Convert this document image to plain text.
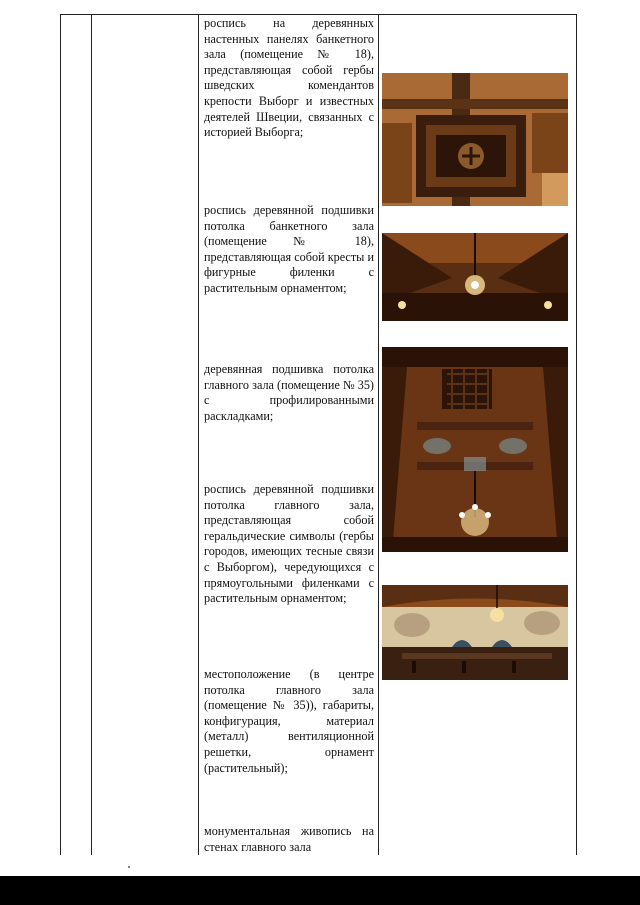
роспись на деревянных настенных панелях банкетного зала (помещение № 18), представляющая собой гербы шведских комендантов крепости Выборг и известных деятелей Швеции, связанных с историей Выборга;
роспись деревянной подшивки потолка банкетного зала (помещение № 18), представляющая собой кресты и фигурные филенки с растительным орнаментом;
деревянная подшивка потолка главного зала (помещение № 35) с профилированными раскладками;
роспись деревянной подшивки потолка главного зала, представляющая собой геральдические символы (гербы городов, имеющих тесные связи с Выборгом), чередующихся с прямоугольными филенками с растительным орнаментом;
местоположение (в центре потолка главного зала (помещение № 35)), габариты, конфигурация, материал (металл) вентиляционной решетки, орнамент (растительный);
монументальная живопись на стенах главного зала
